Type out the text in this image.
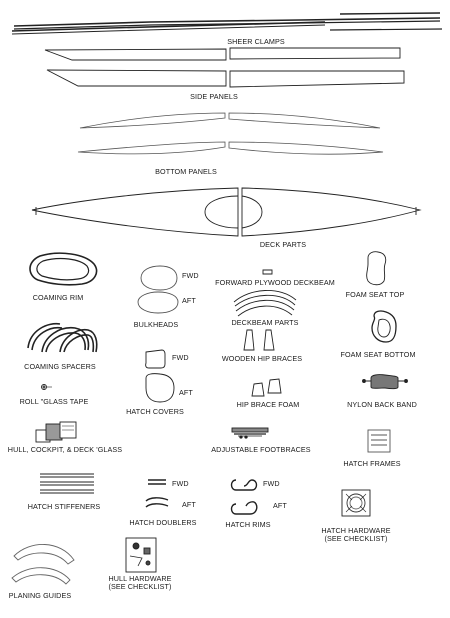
SHEER CLAMPS
SIDE PANELS
BOTTOM PANELS
DECK PARTS
COAMING RIM
FWD
AFT
BULKHEADS
FORWARD PLYWOOD DECKBEAM
DECKBEAM PARTS
FOAM SEAT TOP
COAMING SPACERS
WOODEN HIP BRACES	FOAM SEAT BOTTOM
FWD
AFT
HATCH COVERS
ROLL "GLASS TAPE	HIP BRACE FOAM	NYLON BACK BAND
HULL, COCKPIT, & DECK 'GLASS	ADJUSTABLE FOOTBRACES
HATCH FRAMES
FWD
AFT
FWD
AFT
HATCH STIFFENERS
HATCH DOUBLERS	HATCH RIMS
HATCH HARDWARE
(SEE CHECKLIST)
HULL HARDWARE
(SEE CHECKLIST)
PLANING GUIDES
